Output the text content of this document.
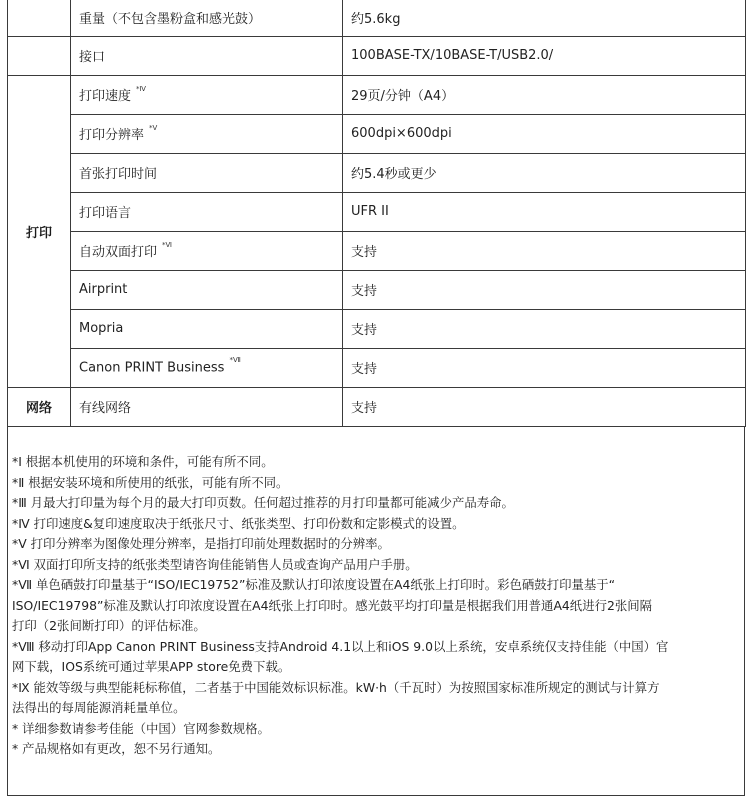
	重量（不包含墨粉盒和感光鼓）	约5.6kg
	接口	100BASE-TX/10BASE-T/USB2.0/
打印	打印速度$^{*Ⅳ}$	29页/分钟（A4）
	打印分辨率$^{*Ⅴ}$	600dpi×600dpi
	首张打印时间	约5.4秒或更少
	打印语言	UFR II
	自动双面打印$^{*Ⅵ}$	支持
	Airprint	支持
	Mopria	支持
	Canon PRINT Business$^{*Ⅶ}$	支持
网络	有线网络	支持
*Ⅰ 根据本机使用的环境和条件，可能有所不同。
*Ⅱ 根据安装环境和所使用的纸张，可能有所不同。
*Ⅲ 月最大打印量为每个月的最大打印页数。任何超过推荐的月打印量都可能减少产品寿命。
*Ⅳ 打印速度&复印速度取决于纸张尺寸、纸张类型、打印份数和定影模式的设置。
*Ⅴ 打印分辨率为图像处理分辨率，是指打印前处理数据时的分辨率。
*Ⅵ 双面打印所支持的纸张类型请咨询佳能销售人员或查询产品用户手册。
*Ⅶ 单色硒鼓打印量基于“ISO/IEC19752”标准及默认打印浓度设置在A4纸张上打印时。彩色硒鼓打印量基于“
ISO/IEC19798”标准及默认打印浓度设置在A4纸张上打印时。感光鼓平均打印量是根据我们用普通A4纸进行2张间隔
打印（2张间断打印）的评估标准。
*Ⅷ 移动打印App Canon PRINT Business支持Android 4.1以上和iOS 9.0以上系统，安卓系统仅支持佳能（中国）官
网下载，IOS系统可通过苹果APP store免费下载。
*Ⅸ 能效等级与典型能耗标称值，二者基于中国能效标识标准。kW·h（千瓦时）为按照国家标准所规定的测试与计算方
法得出的每周能源消耗量单位。
* 详细参数请参考佳能（中国）官网参数规格。
* 产品规格如有更改，恕不另行通知。
